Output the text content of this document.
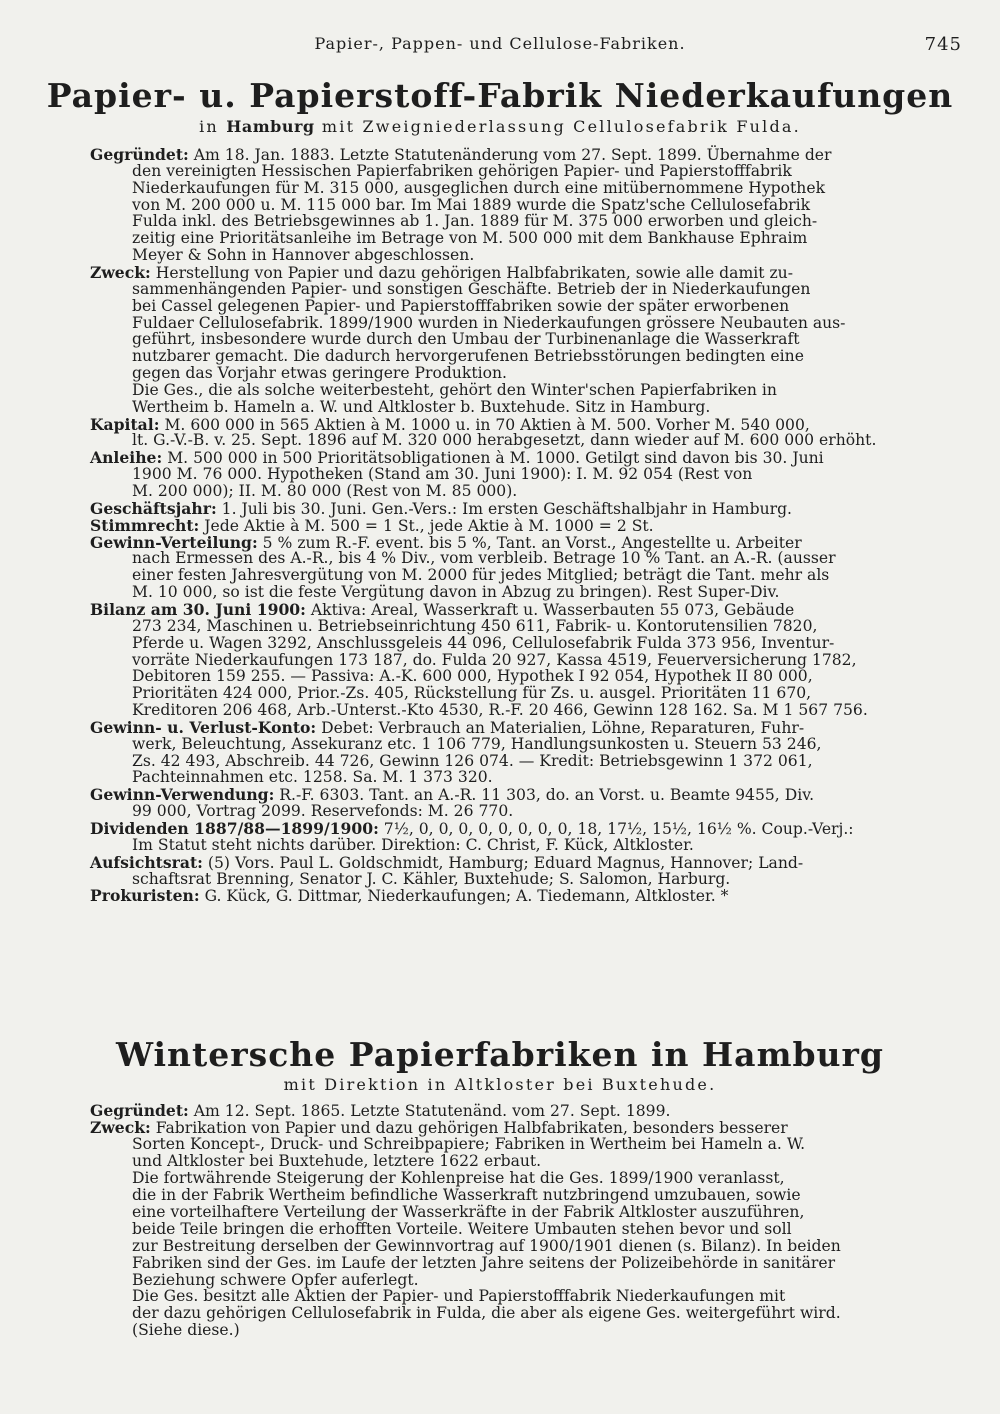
Papier-, Pappen- und Cellulose-Fabriken.	745
Papier- u. Papierstoff-Fabrik Niederkaufungen
in Hamburg mit Zweigniederlassung Cellulosefabrik Fulda.
Gegründet: Am 18. Jan. 1883. Letzte Statutenänderung vom 27. Sept. 1899. Übernahme der
den vereinigten Hessischen Papierfabriken gehörigen Papier- und Papierstofffabrik
Niederkaufungen für M. 315 000, ausgeglichen durch eine mitübernommene Hypothek
von M. 200 000 u. M. 115 000 bar. Im Mai 1889 wurde die Spatz'sche Cellulosefabrik
Fulda inkl. des Betriebsgewinnes ab 1. Jan. 1889 für M. 375 000 erworben und gleich-
zeitig eine Prioritätsanleihe im Betrage von M. 500 000 mit dem Bankhause Ephraim
Meyer & Sohn in Hannover abgeschlossen.
Zweck: Herstellung von Papier und dazu gehörigen Halbfabrikaten, sowie alle damit zu-
sammenhängenden Papier- und sonstigen Geschäfte. Betrieb der in Niederkaufungen
bei Cassel gelegenen Papier- und Papierstofffabriken sowie der später erworbenen
Fuldaer Cellulosefabrik. 1899/1900 wurden in Niederkaufungen grössere Neubauten aus-
geführt, insbesondere wurde durch den Umbau der Turbinenanlage die Wasserkraft
nutzbarer gemacht. Die dadurch hervorgerufenen Betriebsstörungen bedingten eine
gegen das Vorjahr etwas geringere Produktion.
Die Ges., die als solche weiterbesteht, gehört den Winter'schen Papierfabriken in
Wertheim b. Hameln a. W. und Altkloster b. Buxtehude. Sitz in Hamburg.
Kapital: M. 600 000 in 565 Aktien à M. 1000 u. in 70 Aktien à M. 500. Vorher M. 540 000,
lt. G.-V.-B. v. 25. Sept. 1896 auf M. 320 000 herabgesetzt, dann wieder auf M. 600 000 erhöht.
Anleihe: M. 500 000 in 500 Prioritätsobligationen à M. 1000. Getilgt sind davon bis 30. Juni
1900 M. 76 000. Hypotheken (Stand am 30. Juni 1900): I. M. 92 054 (Rest von
M. 200 000); II. M. 80 000 (Rest von M. 85 000).
Geschäftsjahr: 1. Juli bis 30. Juni. Gen.-Vers.: Im ersten Geschäftshalbjahr in Hamburg.
Stimmrecht: Jede Aktie à M. 500 = 1 St., jede Aktie à M. 1000 = 2 St.
Gewinn-Verteilung: 5 % zum R.-F. event. bis 5 %, Tant. an Vorst., Angestellte u. Arbeiter
nach Ermessen des A.-R., bis 4 % Div., vom verbleib. Betrage 10 % Tant. an A.-R. (ausser
einer festen Jahresvergütung von M. 2000 für jedes Mitglied; beträgt die Tant. mehr als
M. 10 000, so ist die feste Vergütung davon in Abzug zu bringen). Rest Super-Div.
Bilanz am 30. Juni 1900: Aktiva: Areal, Wasserkraft u. Wasserbauten 55 073, Gebäude
273 234, Maschinen u. Betriebseinrichtung 450 611, Fabrik- u. Kontorutensilien 7820,
Pferde u. Wagen 3292, Anschlussgeleis 44 096, Cellulosefabrik Fulda 373 956, Inventur-
vorräte Niederkaufungen 173 187, do. Fulda 20 927, Kassa 4519, Feuerversicherung 1782,
Debitoren 159 255. — Passiva: A.-K. 600 000, Hypothek I 92 054, Hypothek II 80 000,
Prioritäten 424 000, Prior.-Zs. 405, Rückstellung für Zs. u. ausgel. Prioritäten 11 670,
Kreditoren 206 468, Arb.-Unterst.-Kto 4530, R.-F. 20 466, Gewinn 128 162. Sa. M 1 567 756.
Gewinn- u. Verlust-Konto: Debet: Verbrauch an Materialien, Löhne, Reparaturen, Fuhr-
werk, Beleuchtung, Assekuranz etc. 1 106 779, Handlungsunkosten u. Steuern 53 246,
Zs. 42 493, Abschreib. 44 726, Gewinn 126 074. — Kredit: Betriebsgewinn 1 372 061,
Pachteinnahmen etc. 1258. Sa. M. 1 373 320.
Gewinn-Verwendung: R.-F. 6303. Tant. an A.-R. 11 303, do. an Vorst. u. Beamte 9455, Div.
99 000, Vortrag 2099. Reservefonds: M. 26 770.
Dividenden 1887/88—1899/1900: 7½, 0, 0, 0, 0, 0, 0, 0, 0, 18, 17½, 15½, 16½ %. Coup.-Verj.:
Im Statut steht nichts darüber. Direktion: C. Christ, F. Kück, Altkloster.
Aufsichtsrat: (5) Vors. Paul L. Goldschmidt, Hamburg; Eduard Magnus, Hannover; Land-
schaftsrat Brenning, Senator J. C. Kähler, Buxtehude; S. Salomon, Harburg.
Prokuristen: G. Kück, G. Dittmar, Niederkaufungen; A. Tiedemann, Altkloster. *
Wintersche Papierfabriken in Hamburg
mit Direktion in Altkloster bei Buxtehude.
Gegründet: Am 12. Sept. 1865. Letzte Statutenänd. vom 27. Sept. 1899.
Zweck: Fabrikation von Papier und dazu gehörigen Halbfabrikaten, besonders besserer
Sorten Koncept-, Druck- und Schreibpapiere; Fabriken in Wertheim bei Hameln a. W.
und Altkloster bei Buxtehude, letztere 1622 erbaut.
Die fortwährende Steigerung der Kohlenpreise hat die Ges. 1899/1900 veranlasst,
die in der Fabrik Wertheim befindliche Wasserkraft nutzbringend umzubauen, sowie
eine vorteilhaftere Verteilung der Wasserkräfte in der Fabrik Altkloster auszuführen,
beide Teile bringen die erhofften Vorteile. Weitere Umbauten stehen bevor und soll
zur Bestreitung derselben der Gewinnvortrag auf 1900/1901 dienen (s. Bilanz). In beiden
Fabriken sind der Ges. im Laufe der letzten Jahre seitens der Polizeibehörde in sanitärer
Beziehung schwere Opfer auferlegt.
Die Ges. besitzt alle Aktien der Papier- und Papierstofffabrik Niederkaufungen mit
der dazu gehörigen Cellulosefabrik in Fulda, die aber als eigene Ges. weitergeführt wird.
(Siehe diese.)
